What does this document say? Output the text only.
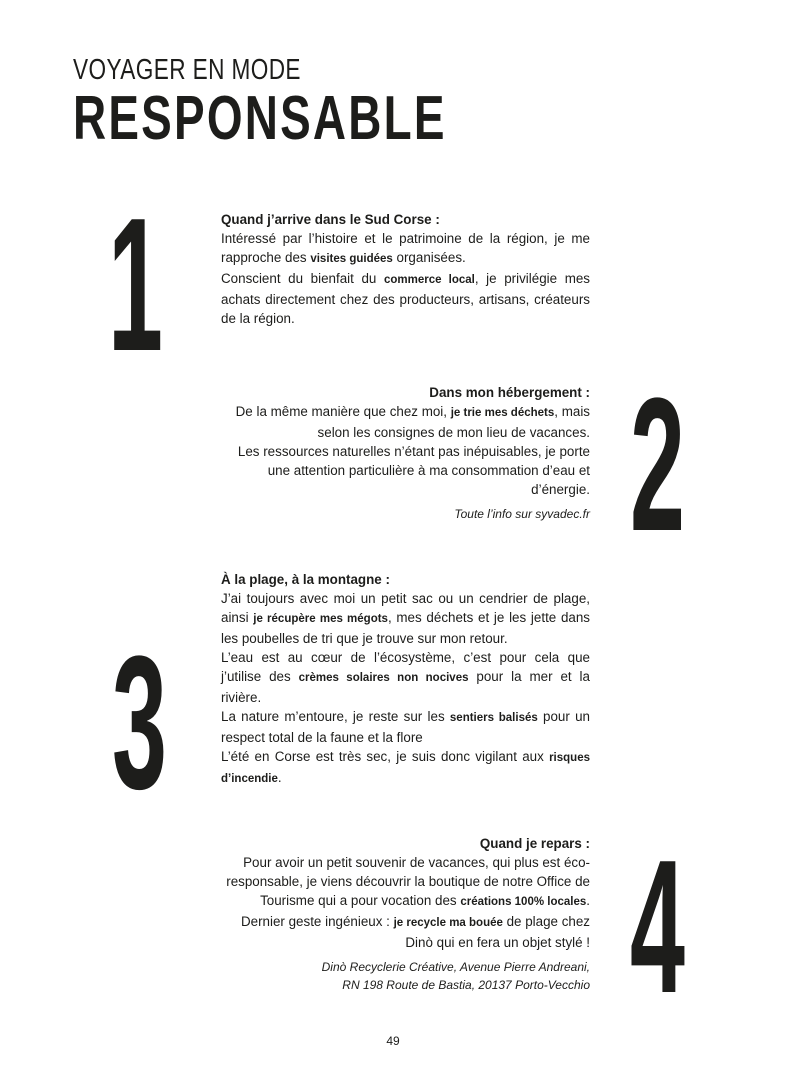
VOYAGER EN MODE
RESPONSABLE
1	Quand j’arrive dans le Sud Corse :

Intéressé par l’histoire et le patrimoine de la région, je me rapproche des visites guidées organisées.

Conscient du bienfait du commerce local, je privilégie mes achats directement chez des producteurs, artisans, créateurs de la région.

2
Dans mon hébergement :

De la même manière que chez moi, je trie mes déchets, mais selon les consignes de mon lieu de vacances.

Les ressources naturelles n’étant pas inépuisables, je porte une attention particulière à ma consommation d’eau et d’énergie.

Toute l’info sur syvadec.fr
3
À la plage, à la montagne :

J’ai toujours avec moi un petit sac ou un cendrier de plage, ainsi je récupère mes mégots, mes déchets et je les jette dans les poubelles de tri que je trouve sur mon retour.

L’eau est au cœur de l’écosystème, c’est pour cela que j’utilise des crèmes solaires non nocives pour la mer et la rivière.

La nature m’entoure, je reste sur les sentiers balisés pour un respect total de la faune et la flore

L’été en Corse est très sec, je suis donc vigilant aux risques d’incendie.

4
Quand je repars :

Pour avoir un petit souvenir de vacances, qui plus est éco-responsable, je viens découvrir la boutique de notre Office de Tourisme qui a pour vocation des créations 100% locales.

Dernier geste ingénieux : je recycle ma bouée de plage chez Dinò qui en fera un objet stylé !

Dinò Recyclerie Créative, Avenue Pierre Andreani,
RN 198 Route de Bastia, 20137 Porto-Vecchio
49
